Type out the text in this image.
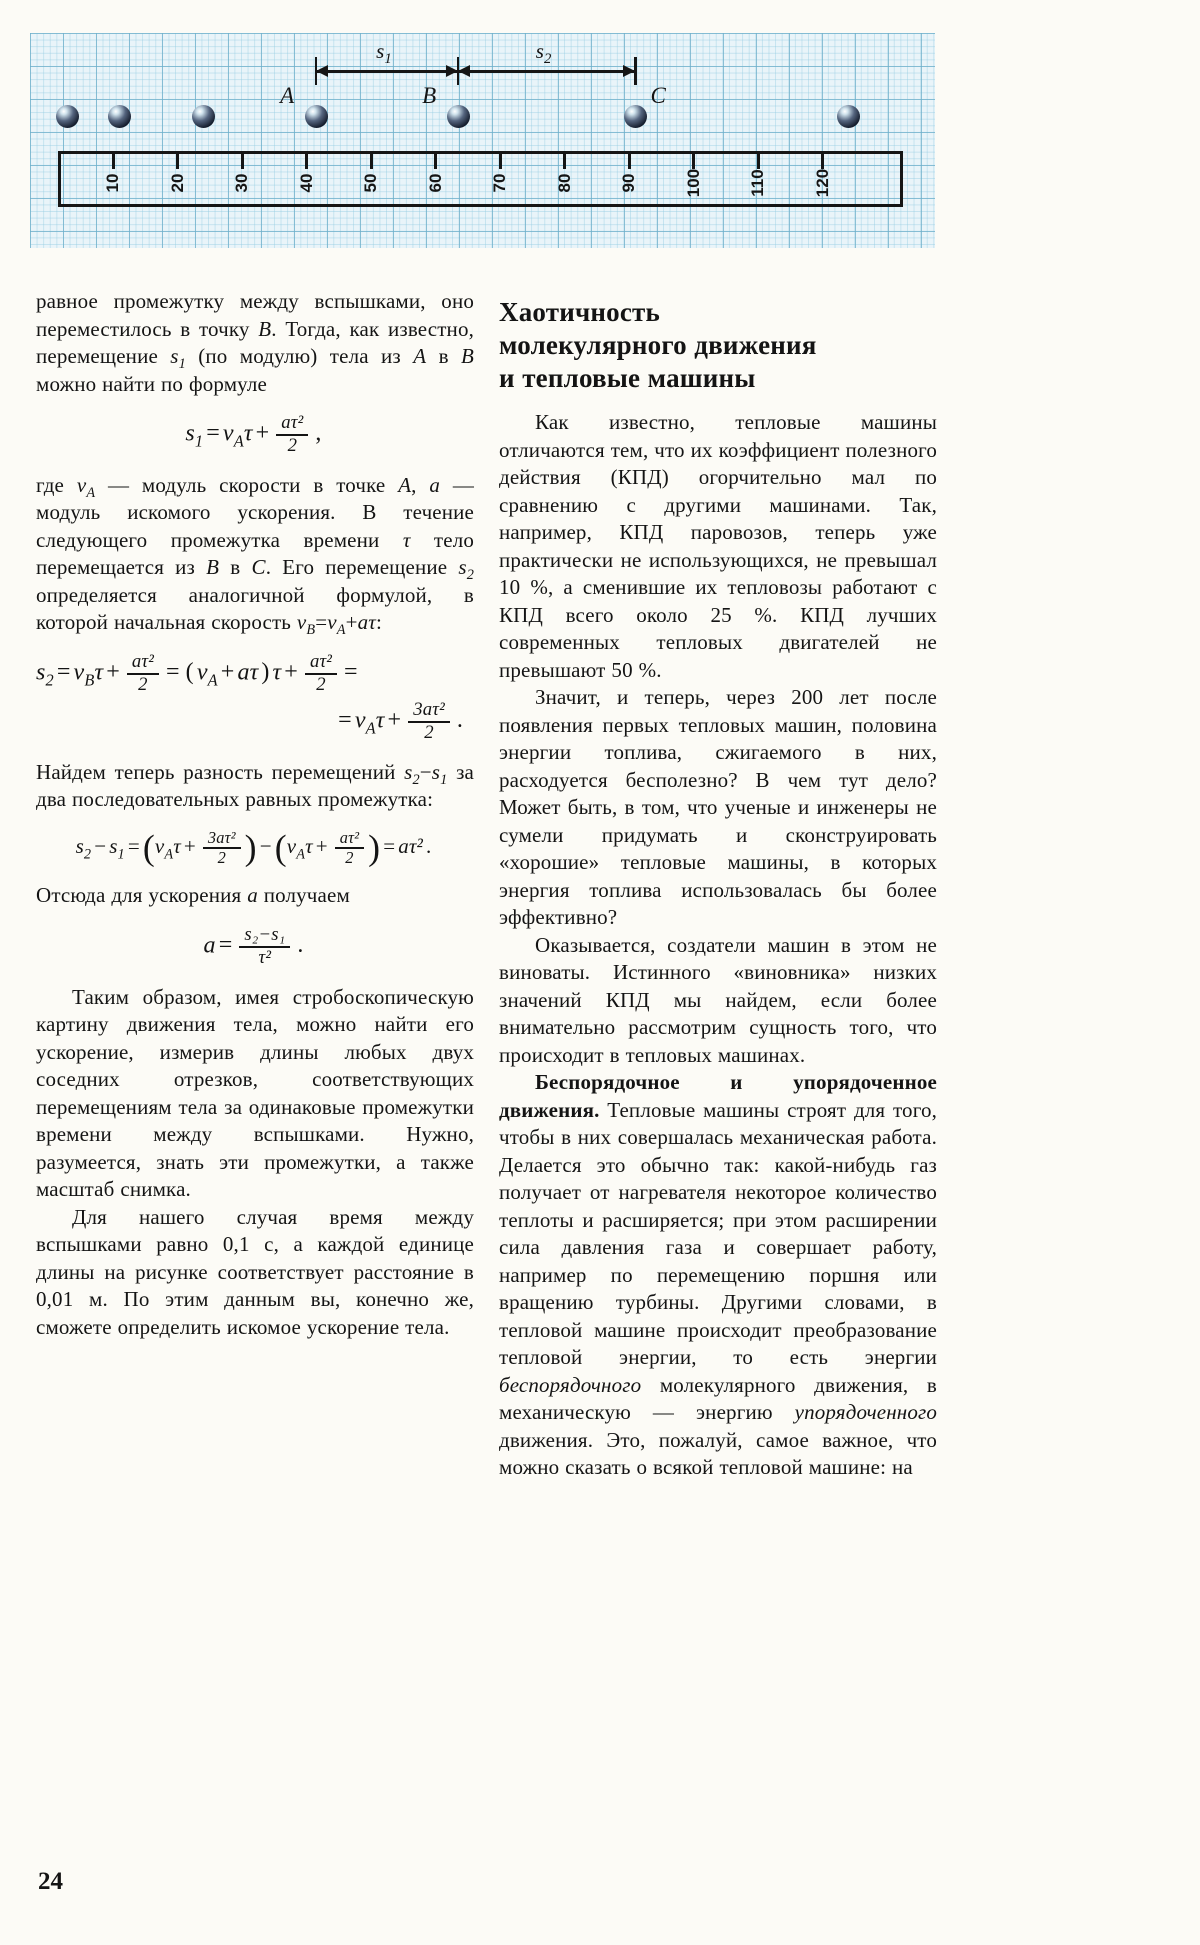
10	20	30	40	50	60	70	80	90	100	110	120
A	B	C
$s_1$	$s_2$

равное промежутку между вспышками, оно переместилось в точку В. Тогда, как известно, перемещение $s_1$ (по модулю) тела из А в В можно найти по формуле

$s_1 = v_A\tau + \frac{\text{aτ²}}{2}$ ,

где $v_A$ — модуль скорости в точке А, a — модуль искомого ускорения. В течение следующего промежутка времени τ тело перемещается из В в С. Его перемещение $s_2$ определяется аналогичной формулой, в которой начальная скорость $v_B=v_A+a\tau$:

$s_2 = v_B\tau + \frac{\text{aτ²}}{2}$ = ( $v_A + a\tau$ ) $\tau + \frac{\text{aτ²}}{2}$ =
= $v_A\tau + \frac{\text{3aτ²}}{2}$ .

Найдем теперь разность перемещений $s_2-s_1$ за два последовательных равных промежутка:

$s_2 - s_1 =(v_A\tau + \frac{\text{3aτ²}}{2}$ ) $-(v_A\tau + \frac{\text{aτ²}}{2}$ ) = aτ² .

Отсюда для ускорения a получаем

$a = \frac{\text{s₂−s₁}}{\text{τ²}}$ .

Таким образом, имея стробоскопическую картину движения тела, можно найти его ускорение, измерив длины любых двух соседних отрезков, соответствующих перемещениям тела за одинаковые промежутки времени между вспышками. Нужно, разумеется, знать эти промежутки, а также масштаб снимка.

Для нашего случая время между вспышками равно 0,1 с, а каждой единице длины на рисунке соответствует расстояние в 0,01 м. По этим данным вы, конечно же, сможете определить искомое ускорение тела.

Хаотичность
молекулярного движения
и тепловые машины

Как известно, тепловые машины отличаются тем, что их коэффициент полезного действия (КПД) огорчительно мал по сравнению с другими машинами. Так, например, КПД паровозов, теперь уже практически не использующихся, не превышал 10 %, а сменившие их тепловозы работают с КПД всего около 25 %. КПД лучших современных тепловых двигателей не превышают 50 %.

Значит, и теперь, через 200 лет после появления первых тепловых машин, половина энергии топлива, сжигаемого в них, расходуется бесполезно? В чем тут дело? Может быть, в том, что ученые и инженеры не сумели придумать и сконструировать «хорошие» тепловые машины, в которых энергия топлива использовалась бы более эффективно?

Оказывается, создатели машин в этом не виноваты. Истинного «виновника» низких значений КПД мы найдем, если более внимательно рассмотрим сущность того, что происходит в тепловых машинах.

Беспорядочное и упорядоченное движения. Тепловые машины строят для того, чтобы в них совершалась механическая работа. Делается это обычно так: какой-нибудь газ получает от нагревателя некоторое количество теплоты и расширяется; при этом расширении сила давления газа и совершает работу, например по перемещению поршня или вращению турбины. Другими словами, в тепловой машине происходит преобразование тепловой энергии, то есть энергии беспорядочного молекулярного движения, в механическую — энергию упорядоченного движения. Это, пожалуй, самое важное, что можно сказать о всякой тепловой машине: на

24
